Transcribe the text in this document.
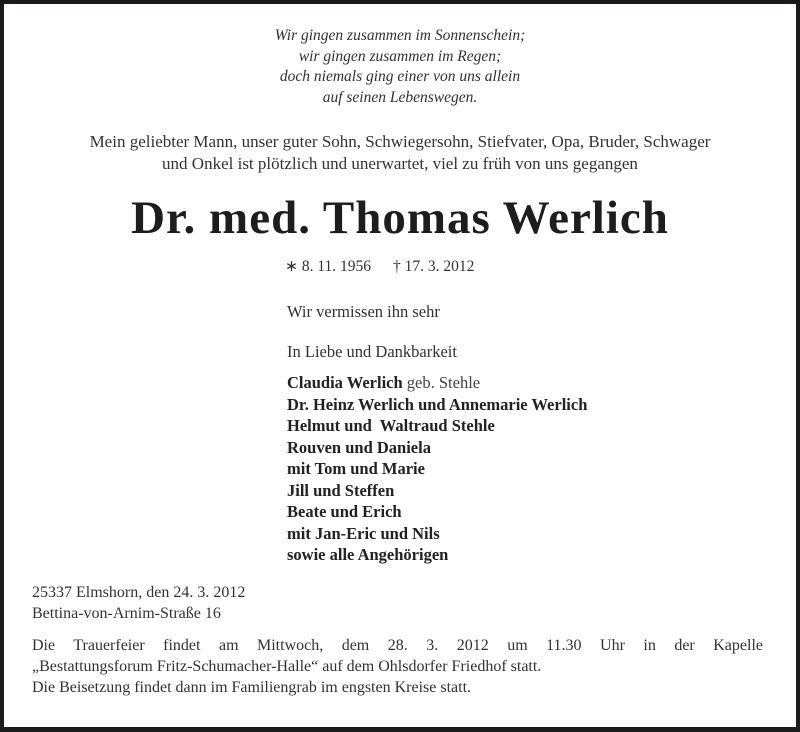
Wir gingen zusammen im Sonnenschein;
wir gingen zusammen im Regen;
doch niemals ging einer von uns allein
auf seinen Lebenswegen.
Mein geliebter Mann, unser guter Sohn, Schwiegersohn, Stiefvater, Opa, Bruder, Schwager
und Onkel ist plötzlich und unerwartet, viel zu früh von uns gegangen
Dr. med. Thomas Werlich
∗ 8. 11. 1956 † 17. 3. 2012
Wir vermissen ihn sehr
In Liebe und Dankbarkeit
Claudia Werlich geb. Stehle
Dr. Heinz Werlich und Annemarie Werlich
Helmut und  Waltraud Stehle
Rouven und Daniela
mit Tom und Marie
Jill und Steffen
Beate und Erich
mit Jan-Eric und Nils
sowie alle Angehörigen
25337 Elmshorn, den 24. 3. 2012
Bettina-von-Arnim-Straße 16
Die Trauerfeier findet am Mittwoch, dem 28. 3. 2012 um 11.30 Uhr in der Kapelle
„Bestattungsforum Fritz-Schumacher-Halle“ auf dem Ohlsdorfer Friedhof statt.
Die Beisetzung findet dann im Familiengrab im engsten Kreise statt.
